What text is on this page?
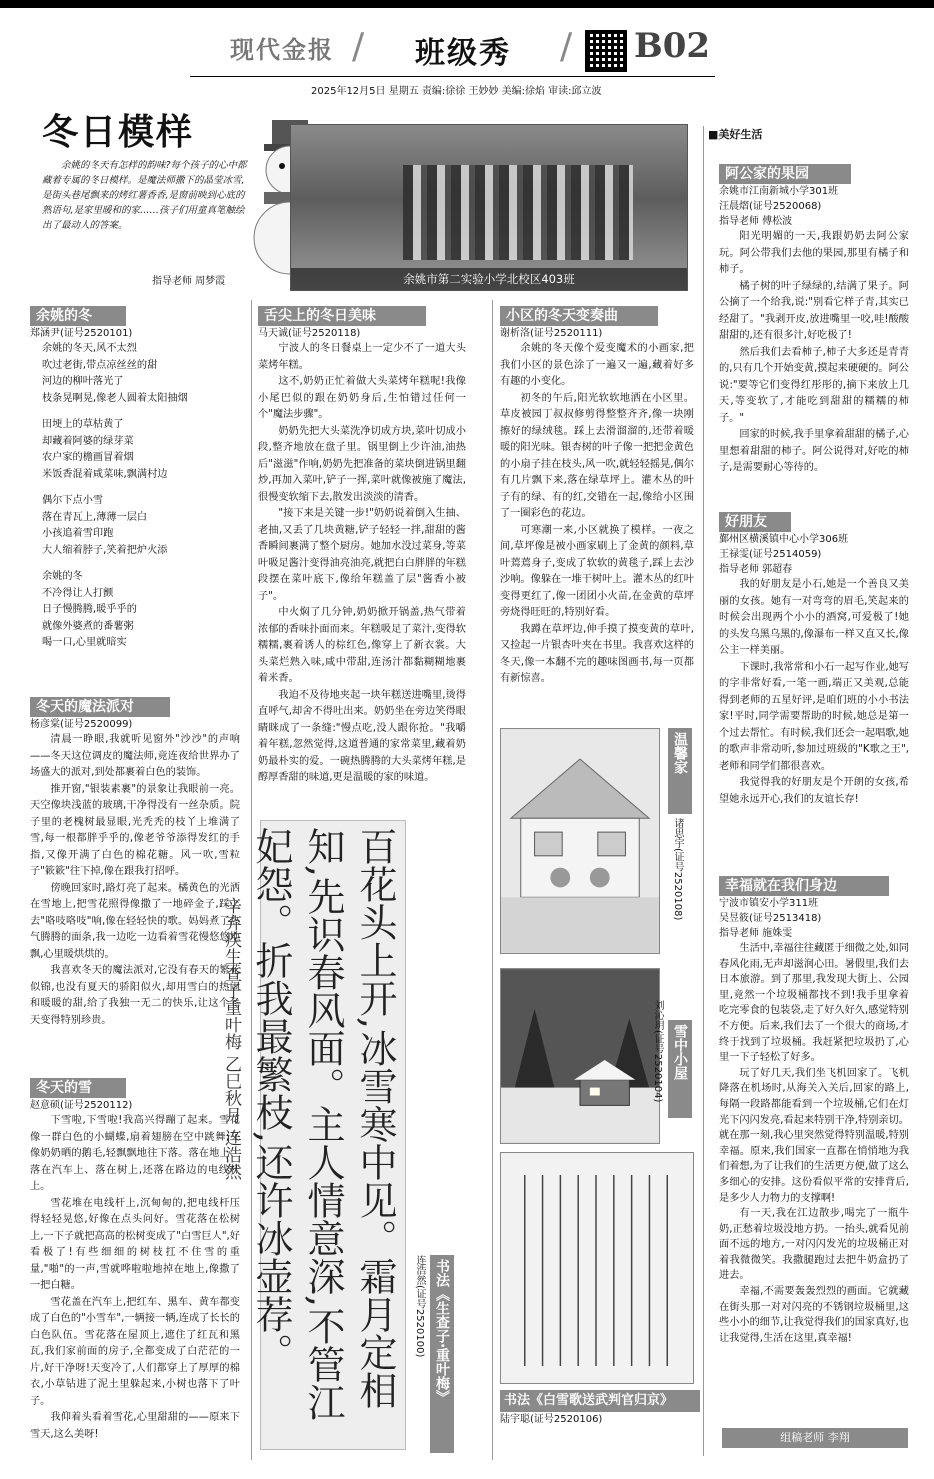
现代金报 / 班级秀 / B02
2025年12月5日 星期五 责编:徐徐 王妙妙 美编:徐焰 审读:邱立波
冬日模样
余姚的冬天有怎样的韵味?每个孩子的心中都藏着专属的冬日模样。是魔法师撒下的晶莹冰雪,是街头巷尾飘来的烤红薯香香,是窗前映到心底的熟语句,是家里暖和的家……孩子们用童真笔触绘出了最动人的答案。
指导老师 周梦霞	余姚市第二实验小学北校区403班
■美好生活
余姚的冬
郑涵尹(证号2520101)

余姚的冬天,风不太烈
吹过老街,带点凉丝丝的甜
河边的柳叶落光了
枝条晃啊晃,像老人圆着太阳抽烟

田埂上的草枯黄了
却藏着阿婆的绿芽菜
农户家的檐画冒着烟
米饭香混着咸菜味,飘满村边

偶尔下点小雪
落在青瓦上,薄薄一层白
小孩追着雪印跑
大人缩着脖子,笑着把炉火添

余姚的冬
不冷得让人打颤
日子慢腾腾,暖乎乎的
就像外婆煮的番薯粥
喝一口,心里就暗实

冬天的魔法派对
杨彦棠(证号2520099)

清晨一睁眼,我就听见窗外"沙沙"的声响——冬天这位调皮的魔法师,竟连夜给世界办了场盛大的派对,到处都裹着白色的装饰。

推开窗,"银装素裹"的景象让我眼前一亮。天空像块浅蓝的玻璃,干净得没有一丝杂质。院子里的老槐树最显眼,光秃秃的枝丫上堆满了雪,每一根都胖乎乎的,像老爷爷添得发红的手指,又像开满了白色的棉花糖。风一吹,雪粒子"簌簌"往下掉,像在跟我打招呼。

傍晚回家时,路灯亮了起来。橘黄色的光洒在雪地上,把雪花照得像撒了一地碎金子,踩上去"咯吱咯吱"响,像在轻轻快的歌。妈妈煮了热气腾腾的面条,我一边吃一边看着雪花慢悠悠地飘,心里暖烘烘的。

我喜欢冬天的魔法派对,它没有春天的繁花似锦,也没有夏天的骄阳似火,却用雪白的热闹和暖暖的甜,给了我独一无二的快乐,让这个冬天变得特别珍贵。

冬天的雪
赵意硕(证号2520112)

下雪啦,下雪啦!我高兴得蹦了起来。雪花像一群白色的小蝴蝶,扇着翅膀在空中跳舞;又像奶奶晒的鹅毛,轻飘飘地往下落。落在地上、落在汽车上、落在树上,还落在路边的电线杆上。

雪花堆在电线杆上,沉甸甸的,把电线杆压得轻轻晃悠,好像在点头问好。雪花落在松树上,一下子就把高高的松树变成了"白雪巨人",好看极了!有些细细的树枝扛不住雪的重量,"啪"的一声,雪就哗啦啦地掉在地上,像撒了一把白糖。

雪花盖在汽车上,把红车、黑车、黄车都变成了白色的"小雪车",一辆接一辆,连成了长长的白色队伍。雪花落在屋顶上,遮住了红瓦和黑瓦,我们家前面的房子,全都变成了白茫茫的一片,好干净呀!天变冷了,人们都穿上了厚厚的棉衣,小草钻进了泥土里躲起来,小树也落下了叶子。

我仰着头看着雪花,心里甜甜的——原来下雪天,这么美呀!

舌尖上的冬日美味
马天诚(证号2520118)

宁波人的冬日餐桌上一定少不了一道大头菜烤年糕。

这不,奶奶正忙着做大头菜烤年糕呢!我像小尾巴似的跟在奶奶身后,生怕错过任何一个"魔法步骤"。

奶奶先把大头菜洗净切成方块,菜叶切成小段,整齐地放在盘子里。锅里倒上少许油,油热后"滋滋"作响,奶奶先把准备的菜块倒进锅里翻炒,再加入菜叶,铲子一挥,菜叶就像被施了魔法,很慢变软缩下去,散发出淡淡的清香。

"接下来是关键一步!"奶奶说着倒入生抽、老抽,又丢了几块黄糖,铲子轻轻一拌,甜甜的酱香瞬间裹满了整个厨房。她加水没过菜身,等菜叶吸足酱汁变得油亮油亮,就把白白胖胖的年糕段摆在菜叶底下,像给年糕盖了层"酱香小被子"。

中火焖了几分钟,奶奶掀开锅盖,热气带着浓郁的香味扑面而来。年糕吸足了菜汁,变得软糯糯,裹着诱人的棕红色,像穿上了新衣裳。大头菜烂熟入味,咸中带甜,连汤汁都黏糊糊地裹着米香。

我迫不及待地夹起一块年糕送进嘴里,烫得直呼气,却舍不得吐出来。奶奶坐在旁边笑得眼睛眯成了一条缝:"慢点吃,没人跟你抢。"我嚼着年糕,忽然觉得,这道普通的家常菜里,藏着奶奶最朴实的爱。一碗热腾腾的大头菜烤年糕,是醇厚香甜的味道,更是温暖的家的味道。

百花头上开,冰雪寒中见。霜月定相知,先识春风面。主人情意深,不管江妃怨。折我最繁枝,还许冰壶荐。
辛弃疾生查子重叶梅 乙巳秋月 连浩然
连浩然(证号2520100) 书法《生查子·重叶梅》
小区的冬天变奏曲
谢析洛(证号2520111)

余姚的冬天像个爱变魔术的小画家,把我们小区的景色涂了一遍又一遍,藏着好多有趣的小变化。

初冬的午后,阳光软软地洒在小区里。草皮被园丁叔叔修剪得整整齐齐,像一块刚擦好的绿绒毯。踩上去滑溜溜的,还带着暖暖的阳光味。银杏树的叶子像一把把金黄色的小扇子挂在枝头,风一吹,就轻轻摇晃,偶尔有几片飘下来,落在绿草坪上。灌木丛的叶子有的绿、有的红,交错在一起,像给小区围了一圈彩色的花边。

可寒潮一来,小区就换了模样。一夜之间,草坪像是被小画家刷上了金黄的颜料,草叶蔫蔫身子,变成了软软的黄毯子,踩上去沙沙响。像躲在一堆干树叶上。灌木丛的红叶变得更红了,像一团团小火苗,在金黄的草坪旁烧得旺旺的,特别好看。

我蹲在草坪边,伸手摸了摸变黄的草叶,又捡起一片银杏叶夹在书里。我喜欢这样的冬天,像一本翻不完的趣味图画书,每一页都有新惊喜。

诸思宇(证号2520108)
温馨家
刘沁玥(证号2520104) 雪中小屋
书法《白雪歌送武判官归京》
陆宇聪(证号2520106)
阿公家的果园
余姚市江南新城小学301班
汪晨熠(证号2520068)
指导老师 傅松波

阳光明媚的一天,我跟奶奶去阿公家玩。阿公带我们去他的果园,那里有橘子和柿子。

橘子树的叶子绿绿的,结满了果子。阿公摘了一个给我,说:"别看它样子青,其实已经甜了。"我剥开皮,放进嘴里一咬,哇!酸酸甜甜的,还有很多汁,好吃极了!

然后我们去看柿子,柿子大多还是青青的,只有几个开始变黄,摸起来硬硬的。阿公说:"要等它们变得红彤彤的,摘下来放上几天,等变软了,才能吃到甜甜的糯糯的柿子。"

回家的时候,我手里拿着甜甜的橘子,心里想着甜甜的柿子。阿公说得对,好吃的柿子,是需要耐心等待的。

好朋友
鄞州区横溪镇中心小学306班
王禄雯(证号2514059)
指导老师 郭超春

我的好朋友是小石,她是一个善良又美丽的女孩。她有一对弯弯的眉毛,笑起来的时候会出现两个小小的酒窝,可爱极了!她的头发乌黑乌黑的,像瀑布一样又直又长,像公主一样美丽。

下课时,我常常和小石一起写作业,她写的字非常好看,一笔一画,端正又美观,总能得到老师的五星好评,是咱们班的小小书法家!平时,同学需要帮助的时候,她总是第一个过去帮忙。有时候,我们还会一起唱歌,她的歌声非常动听,参加过班级的"K歌之王",老师和同学们都很喜欢。

我觉得我的好朋友是个开朗的女孩,希望她永远开心,我们的友谊长存!

幸福就在我们身边
宁波市镇安小学311班
吴昱筱(证号2513418)
指导老师 施姝雯

生活中,幸福往往藏匿于细微之处,如同春风化雨,无声却滋润心田。暑假里,我们去日本旅游。到了那里,我发现大街上、公园里,竟然一个垃圾桶都找不到!我手里拿着吃完零食的包装袋,走了好久好久,感觉特别不方便。后来,我们去了一个很大的商场,才终于找到了垃圾桶。我赶紧把垃圾扔了,心里一下子轻松了好多。

玩了好几天,我们坐飞机回家了。飞机降落在机场时,从海关入关后,回家的路上,每隔一段路都能看到一个垃圾桶,它们在灯光下闪闪发亮,看起来特别干净,特别亲切。就在那一刻,我心里突然觉得特别温暖,特别幸福。原来,我们国家一直都在悄悄地为我们着想,为了让我们的生活更方便,做了这么多细心的安排。这份看似平常的安排背后,是多少人力物力的支撑啊!

有一天,我在江边散步,喝完了一瓶牛奶,正愁着垃圾没地方扔。一抬头,就看见前面不远的地方,一对闪闪发光的垃圾桶正对着我微微笑。我撒腿跑过去把牛奶盒扔了进去。

幸福,不需要轰轰烈烈的画面。它就藏在街头那一对对闪亮的不锈钢垃圾桶里,这些小小的细节,让我觉得我们的国家真好,也让我觉得,生活在这里,真幸福!

组稿老师 李翔
